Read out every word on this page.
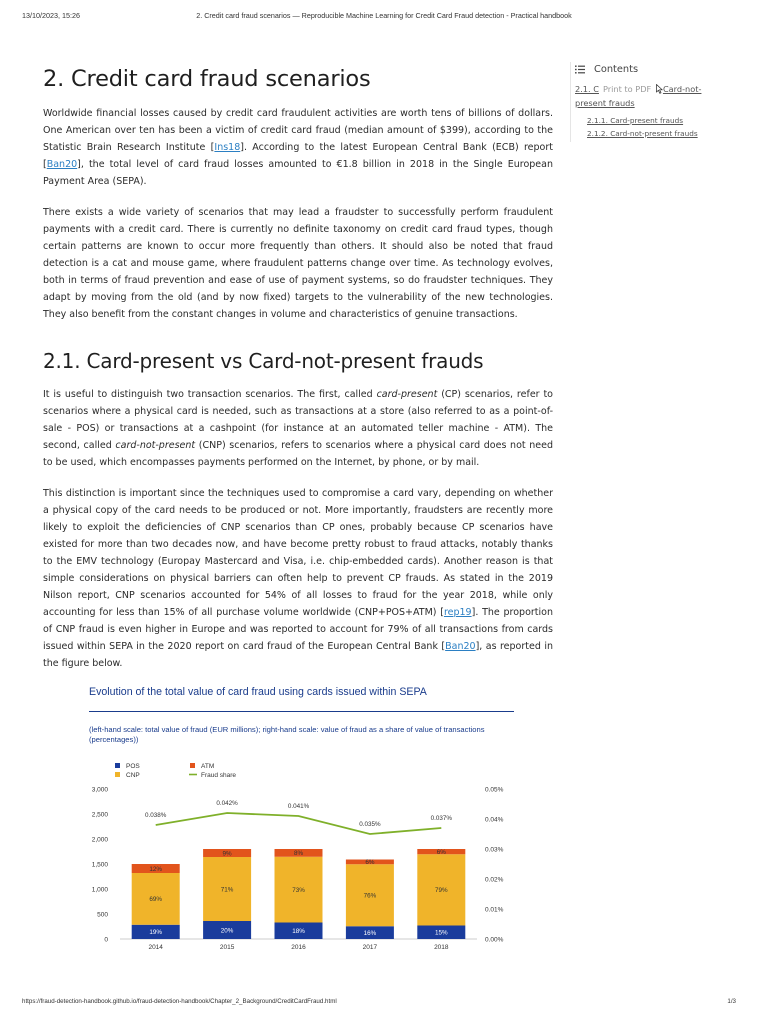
13/10/2023, 15:26	2. Credit card fraud scenarios — Reproducible Machine Learning for Credit Card Fraud detection - Practical handbook
2. Credit card fraud scenarios

Worldwide financial losses caused by credit card fraudulent activities are worth tens of billions of dollars. One American over ten has been a victim of credit card fraud (median amount of $399), according to the Statistic Brain Research Institute [Ins18]. According to the latest European Central Bank (ECB) report [Ban20], the total level of card fraud losses amounted to €1.8 billion in 2018 in the Single European Payment Area (SEPA).

There exists a wide variety of scenarios that may lead a fraudster to successfully perform fraudulent payments with a credit card. There is currently no definite taxonomy on credit card fraud types, though certain patterns are known to occur more frequently than others. It should also be noted that fraud detection is a cat and mouse game, where fraudulent patterns change over time. As technology evolves, both in terms of fraud prevention and ease of use of payment systems, so do fraudster techniques. They adapt by moving from the old (and by now fixed) targets to the vulnerability of the new technologies. They also benefit from the constant changes in volume and characteristics of genuine transactions.

2.1. Card-present vs Card-not-present frauds

It is useful to distinguish two transaction scenarios. The first, called card-present (CP) scenarios, refer to scenarios where a physical card is needed, such as transactions at a store (also referred to as a point-of-sale - POS) or transactions at a cashpoint (for instance at an automated teller machine - ATM). The second, called card-not-present (CNP) scenarios, refers to scenarios where a physical card does not need to be used, which encompasses payments performed on the Internet, by phone, or by mail.

This distinction is important since the techniques used to compromise a card vary, depending on whether a physical copy of the card needs to be produced or not. More importantly, fraudsters are recently more likely to exploit the deficiencies of CNP scenarios than CP ones, probably because CP scenarios have existed for more than two decades now, and have become pretty robust to fraud attacks, notably thanks to the EMV technology (Europay Mastercard and Visa, i.e. chip-embedded cards). Another reason is that simple considerations on physical barriers can often help to prevent CP frauds. As stated in the 2019 Nilson report, CNP scenarios accounted for 54% of all losses to fraud for the year 2018, while only accounting for less than 15% of all purchase volume worldwide (CNP+POS+ATM) [rep19]. The proportion of CNP fraud is even higher in Europe and was reported to account for 79% of all transactions from cards issued within SEPA in the 2020 report on card fraud of the European Central Bank [Ban20], as reported in the figure below.

Contents
2.1. C	Card-not-
Print to PDF
present frauds
2.1.1. Card-present frauds
2.1.2. Card-not-present frauds
Evolution of the total value of card fraud using cards issued within SEPA
(left-hand scale: total value of fraud (EUR millions); right-hand scale: value of fraud as a share of value of transactions (percentages))
0
500
1,000
1,500
2,000
2,500
3,000
0.00%
0.01%
0.02%
0.03%
0.04%
0.05%
POS	ATM
CNP	Fraud share
19%
69%
12%
2014
20%
71%
9%
2015
18%
73%
8%
2016
16%
76%
6%
2017
15%
79%
6%
2018
0.038%
0.042%	0.041%
0.035%
0.037%
https://fraud-detection-handbook.github.io/fraud-detection-handbook/Chapter_2_Background/CreditCardFraud.html	1/3
